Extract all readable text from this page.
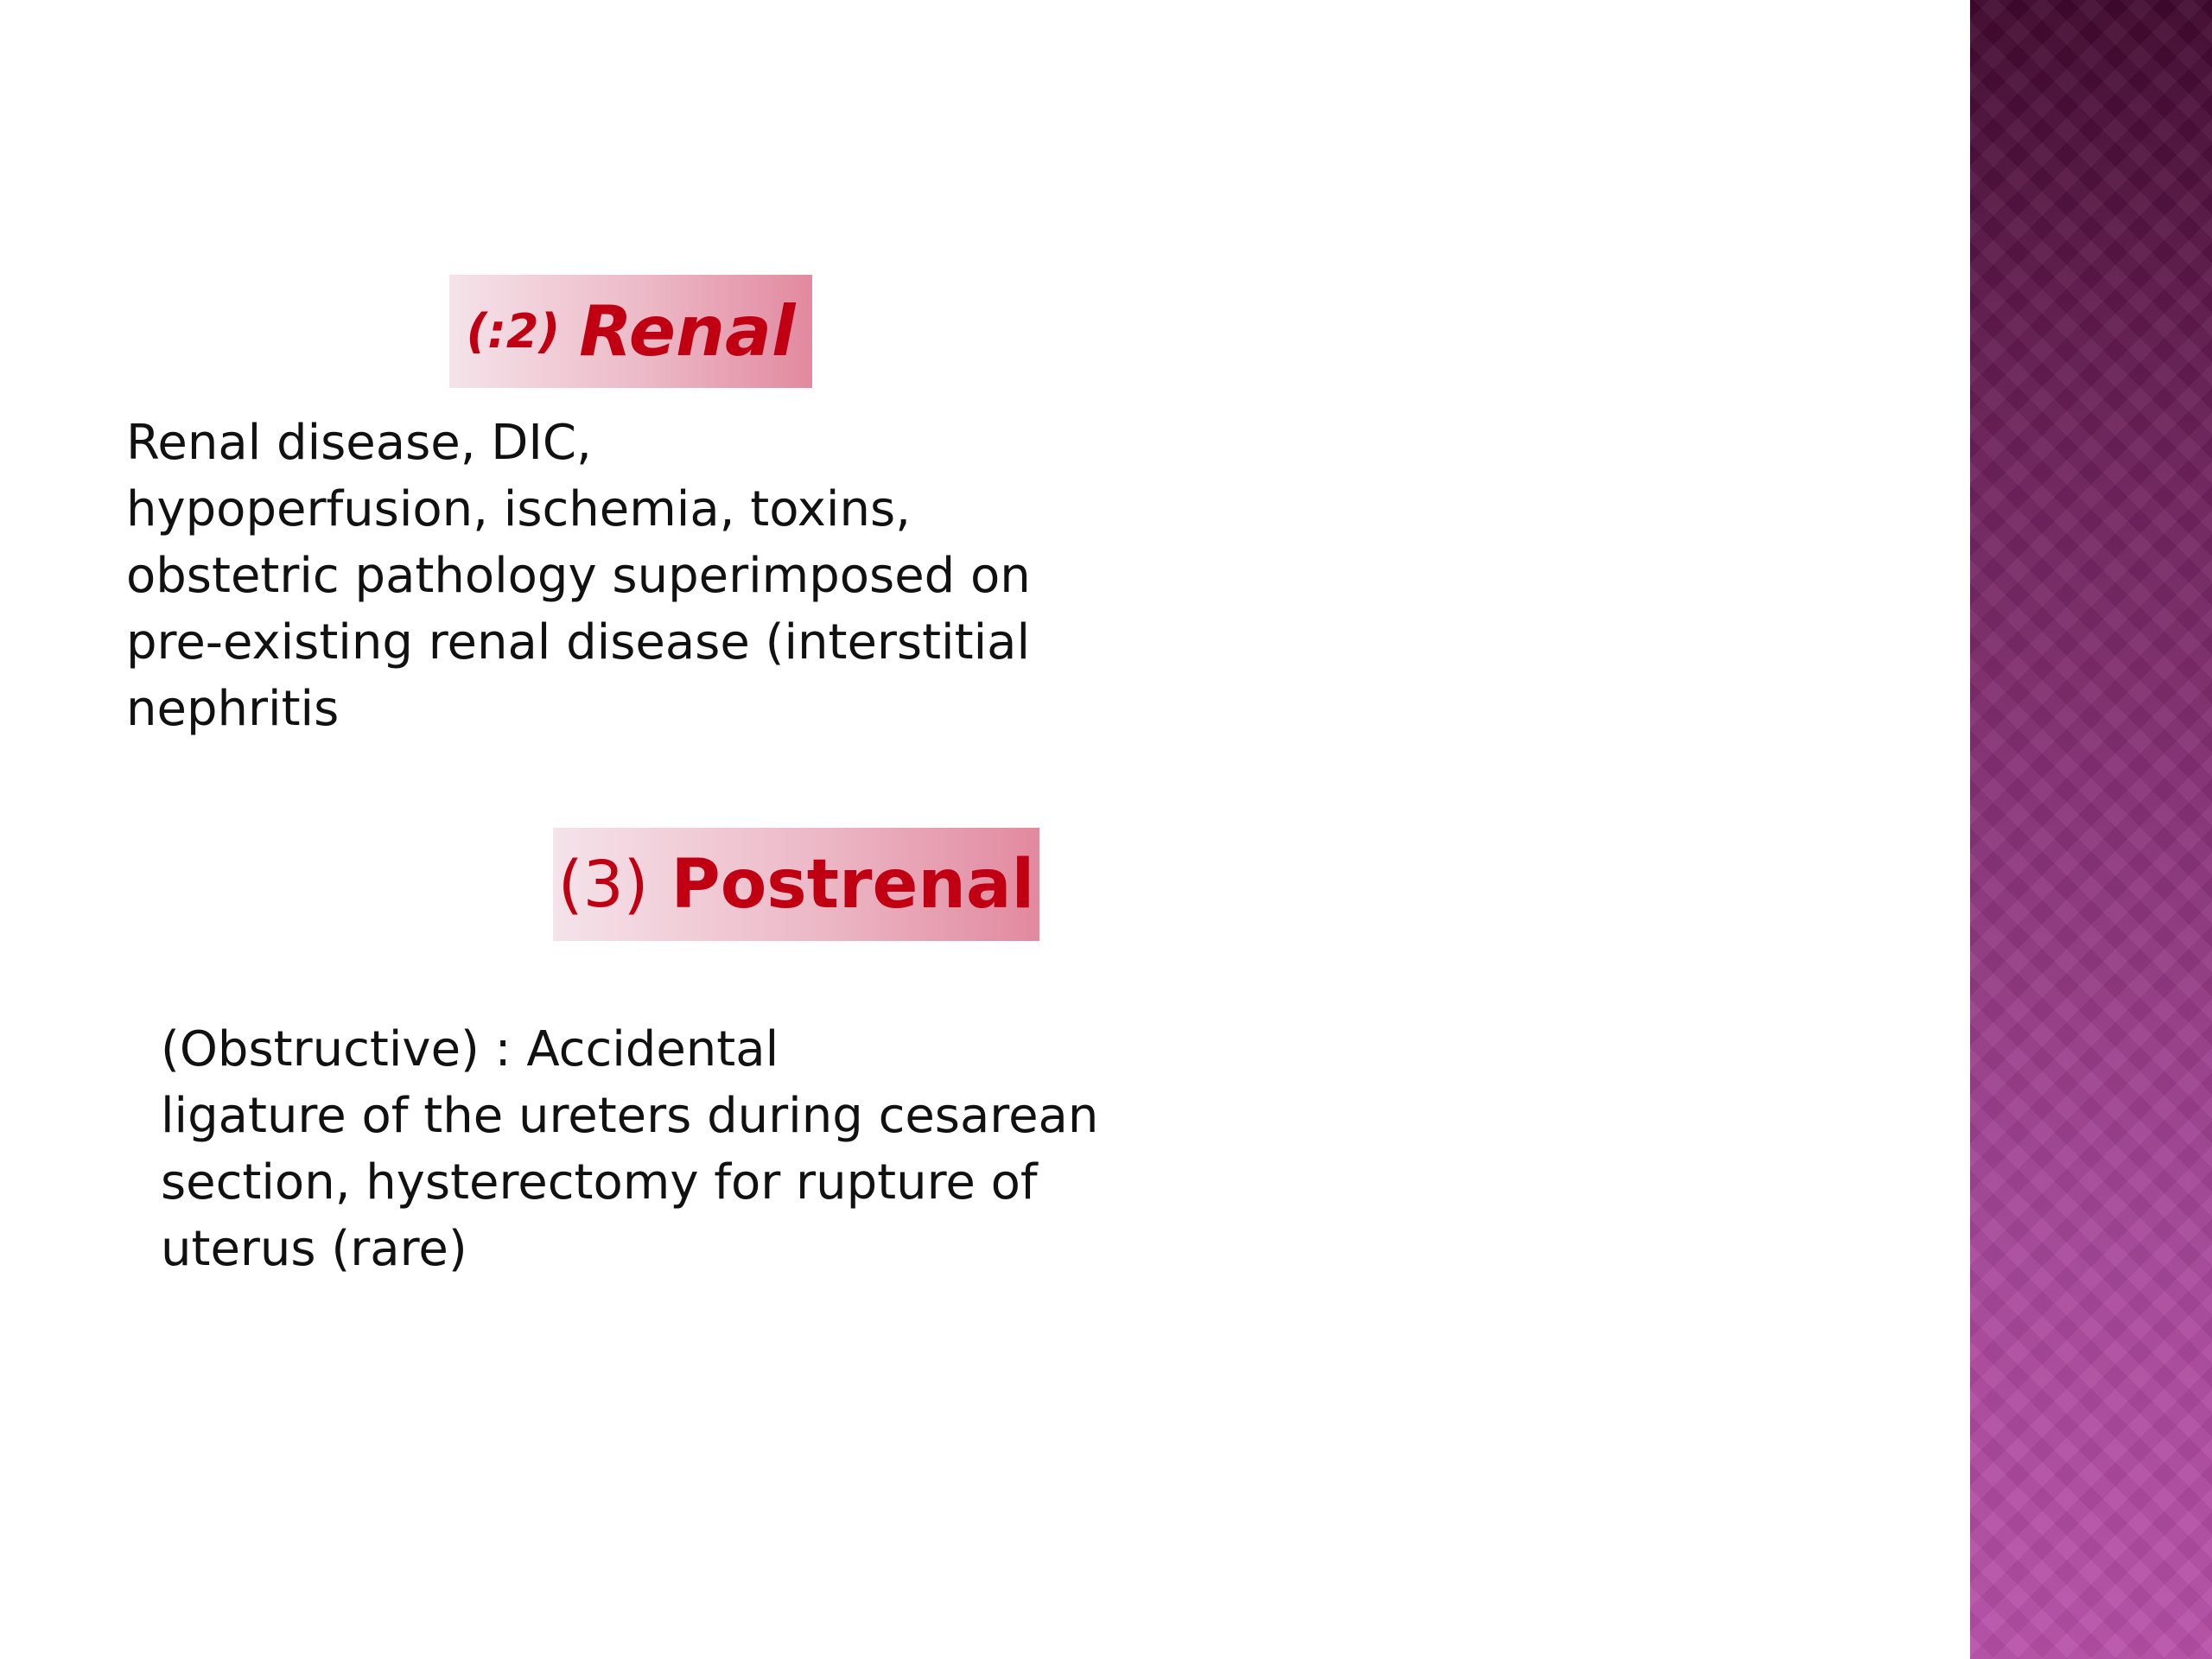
(:2) Renal
Renal disease, DIC,
hypoperfusion, ischemia, toxins,
obstetric pathology superimposed on
pre-existing renal disease (interstitial
nephritis
(3) Postrenal
(Obstructive) : Accidental
ligature of the ureters during cesarean
section, hysterectomy for rupture of
uterus (rare)
